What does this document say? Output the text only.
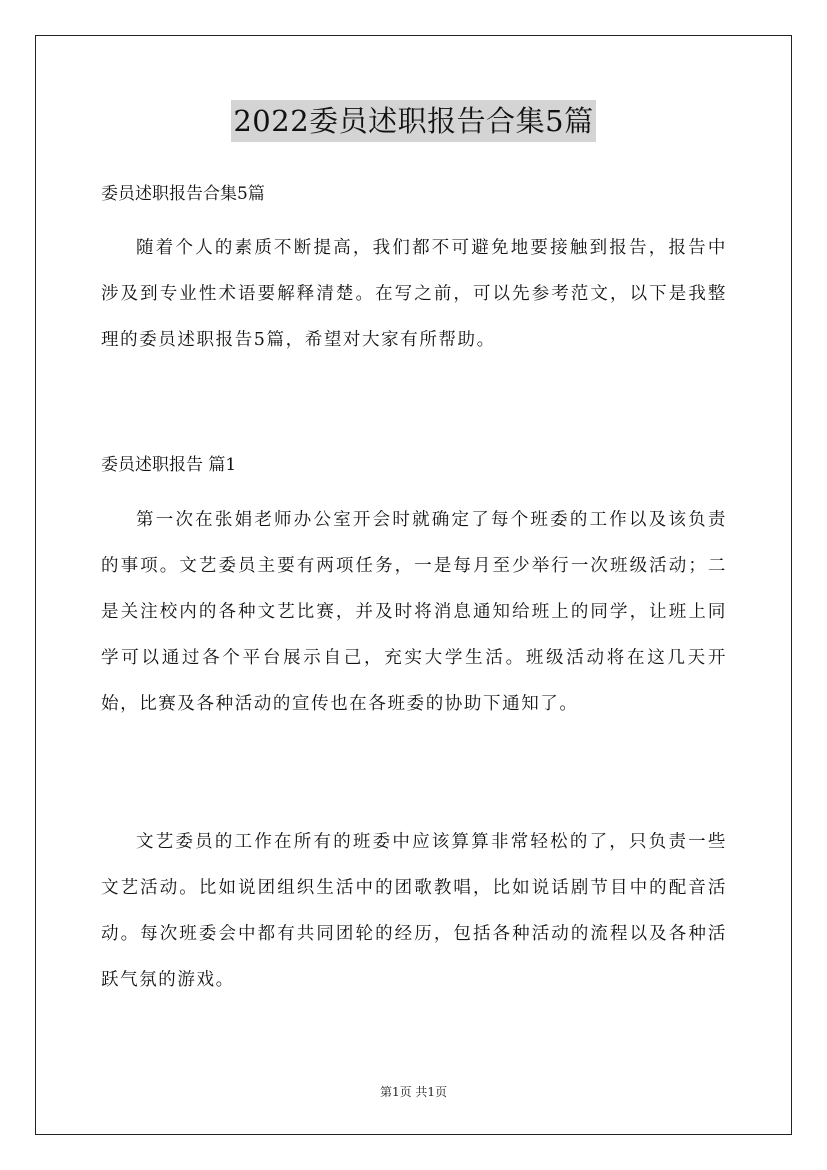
2022委员述职报告合集5篇

委员述职报告合集5篇

随着个人的素质不断提高，我们都不可避免地要接触到报告，报告中涉及到专业性术语要解释清楚。在写之前，可以先参考范文，以下是我整理的委员述职报告5篇，希望对大家有所帮助。

委员述职报告 篇1

第一次在张娟老师办公室开会时就确定了每个班委的工作以及该负责的事项。文艺委员主要有两项任务，一是每月至少举行一次班级活动；二是关注校内的各种文艺比赛，并及时将消息通知给班上的同学，让班上同学可以通过各个平台展示自己，充实大学生活。班级活动将在这几天开始，比赛及各种活动的宣传也在各班委的协助下通知了。

文艺委员的工作在所有的班委中应该算算非常轻松的了，只负责一些文艺活动。比如说团组织生活中的团歌教唱，比如说话剧节目中的配音活动。每次班委会中都有共同团轮的经历，包括各种活动的流程以及各种活跃气氛的游戏。

第1页 共1页
